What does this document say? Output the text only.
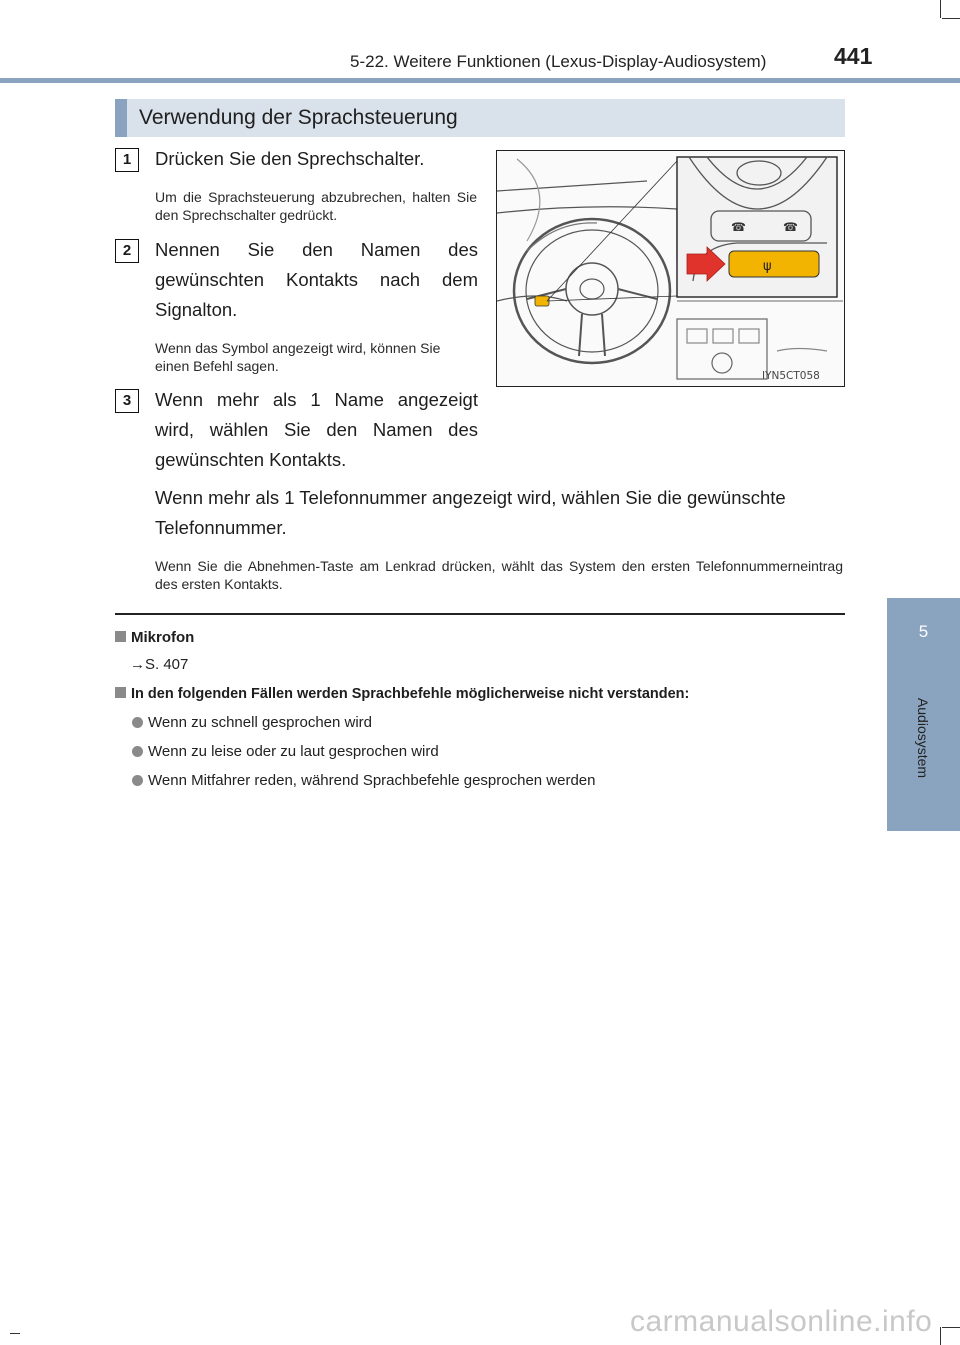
5-22. Weitere Funktionen (Lexus-Display-Audiosystem)	441
5
Audiosystem
Verwendung der Sprachsteuerung
1	Drücken Sie den Sprechschalter.
Um die Sprachsteuerung abzubrechen, halten Sie den Sprechschalter gedrückt.
2	Nennen Sie den Namen des gewünschten Kontakts nach dem Signalton.
Wenn das Symbol angezeigt wird, können Sie einen Befehl sagen.
3	Wenn mehr als 1 Name angezeigt wird, wählen Sie den Namen des gewünschten Kontakts.
Wenn mehr als 1 Telefonnummer angezeigt wird, wählen Sie die gewünschte Telefonnummer.
Wenn Sie die Abnehmen-Taste am Lenkrad drücken, wählt das System den ersten Telefonnummerneintrag des ersten Kontakts.
☎	☎
ψ
IYN5CT058
Mikrofon
→S. 407
In den folgenden Fällen werden Sprachbefehle möglicherweise nicht verstanden:
Wenn zu schnell gesprochen wird
Wenn zu leise oder zu laut gesprochen wird
Wenn Mitfahrer reden, während Sprachbefehle gesprochen werden
carmanualsonline.info
